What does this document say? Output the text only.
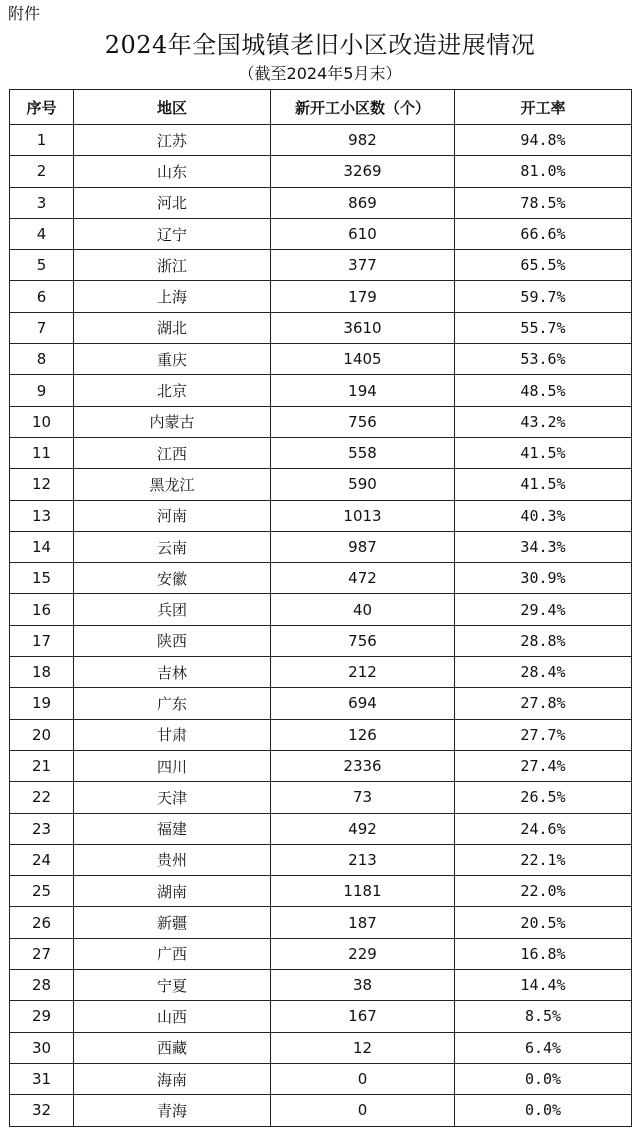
附件
2024年全国城镇老旧小区改造进展情况
（截至2024年5月末）
序号	地区	新开工小区数（个）	开工率
1	江苏	982	94.8%
2	山东	3269	81.0%
3	河北	869	78.5%
4	辽宁	610	66.6%
5	浙江	377	65.5%
6	上海	179	59.7%
7	湖北	3610	55.7%
8	重庆	1405	53.6%
9	北京	194	48.5%
10	内蒙古	756	43.2%
11	江西	558	41.5%
12	黑龙江	590	41.5%
13	河南	1013	40.3%
14	云南	987	34.3%
15	安徽	472	30.9%
16	兵团	40	29.4%
17	陕西	756	28.8%
18	吉林	212	28.4%
19	广东	694	27.8%
20	甘肃	126	27.7%
21	四川	2336	27.4%
22	天津	73	26.5%
23	福建	492	24.6%
24	贵州	213	22.1%
25	湖南	1181	22.0%
26	新疆	187	20.5%
27	广西	229	16.8%
28	宁夏	38	14.4%
29	山西	167	8.5%
30	西藏	12	6.4%
31	海南	0	0.0%
32	青海	0	0.0%
